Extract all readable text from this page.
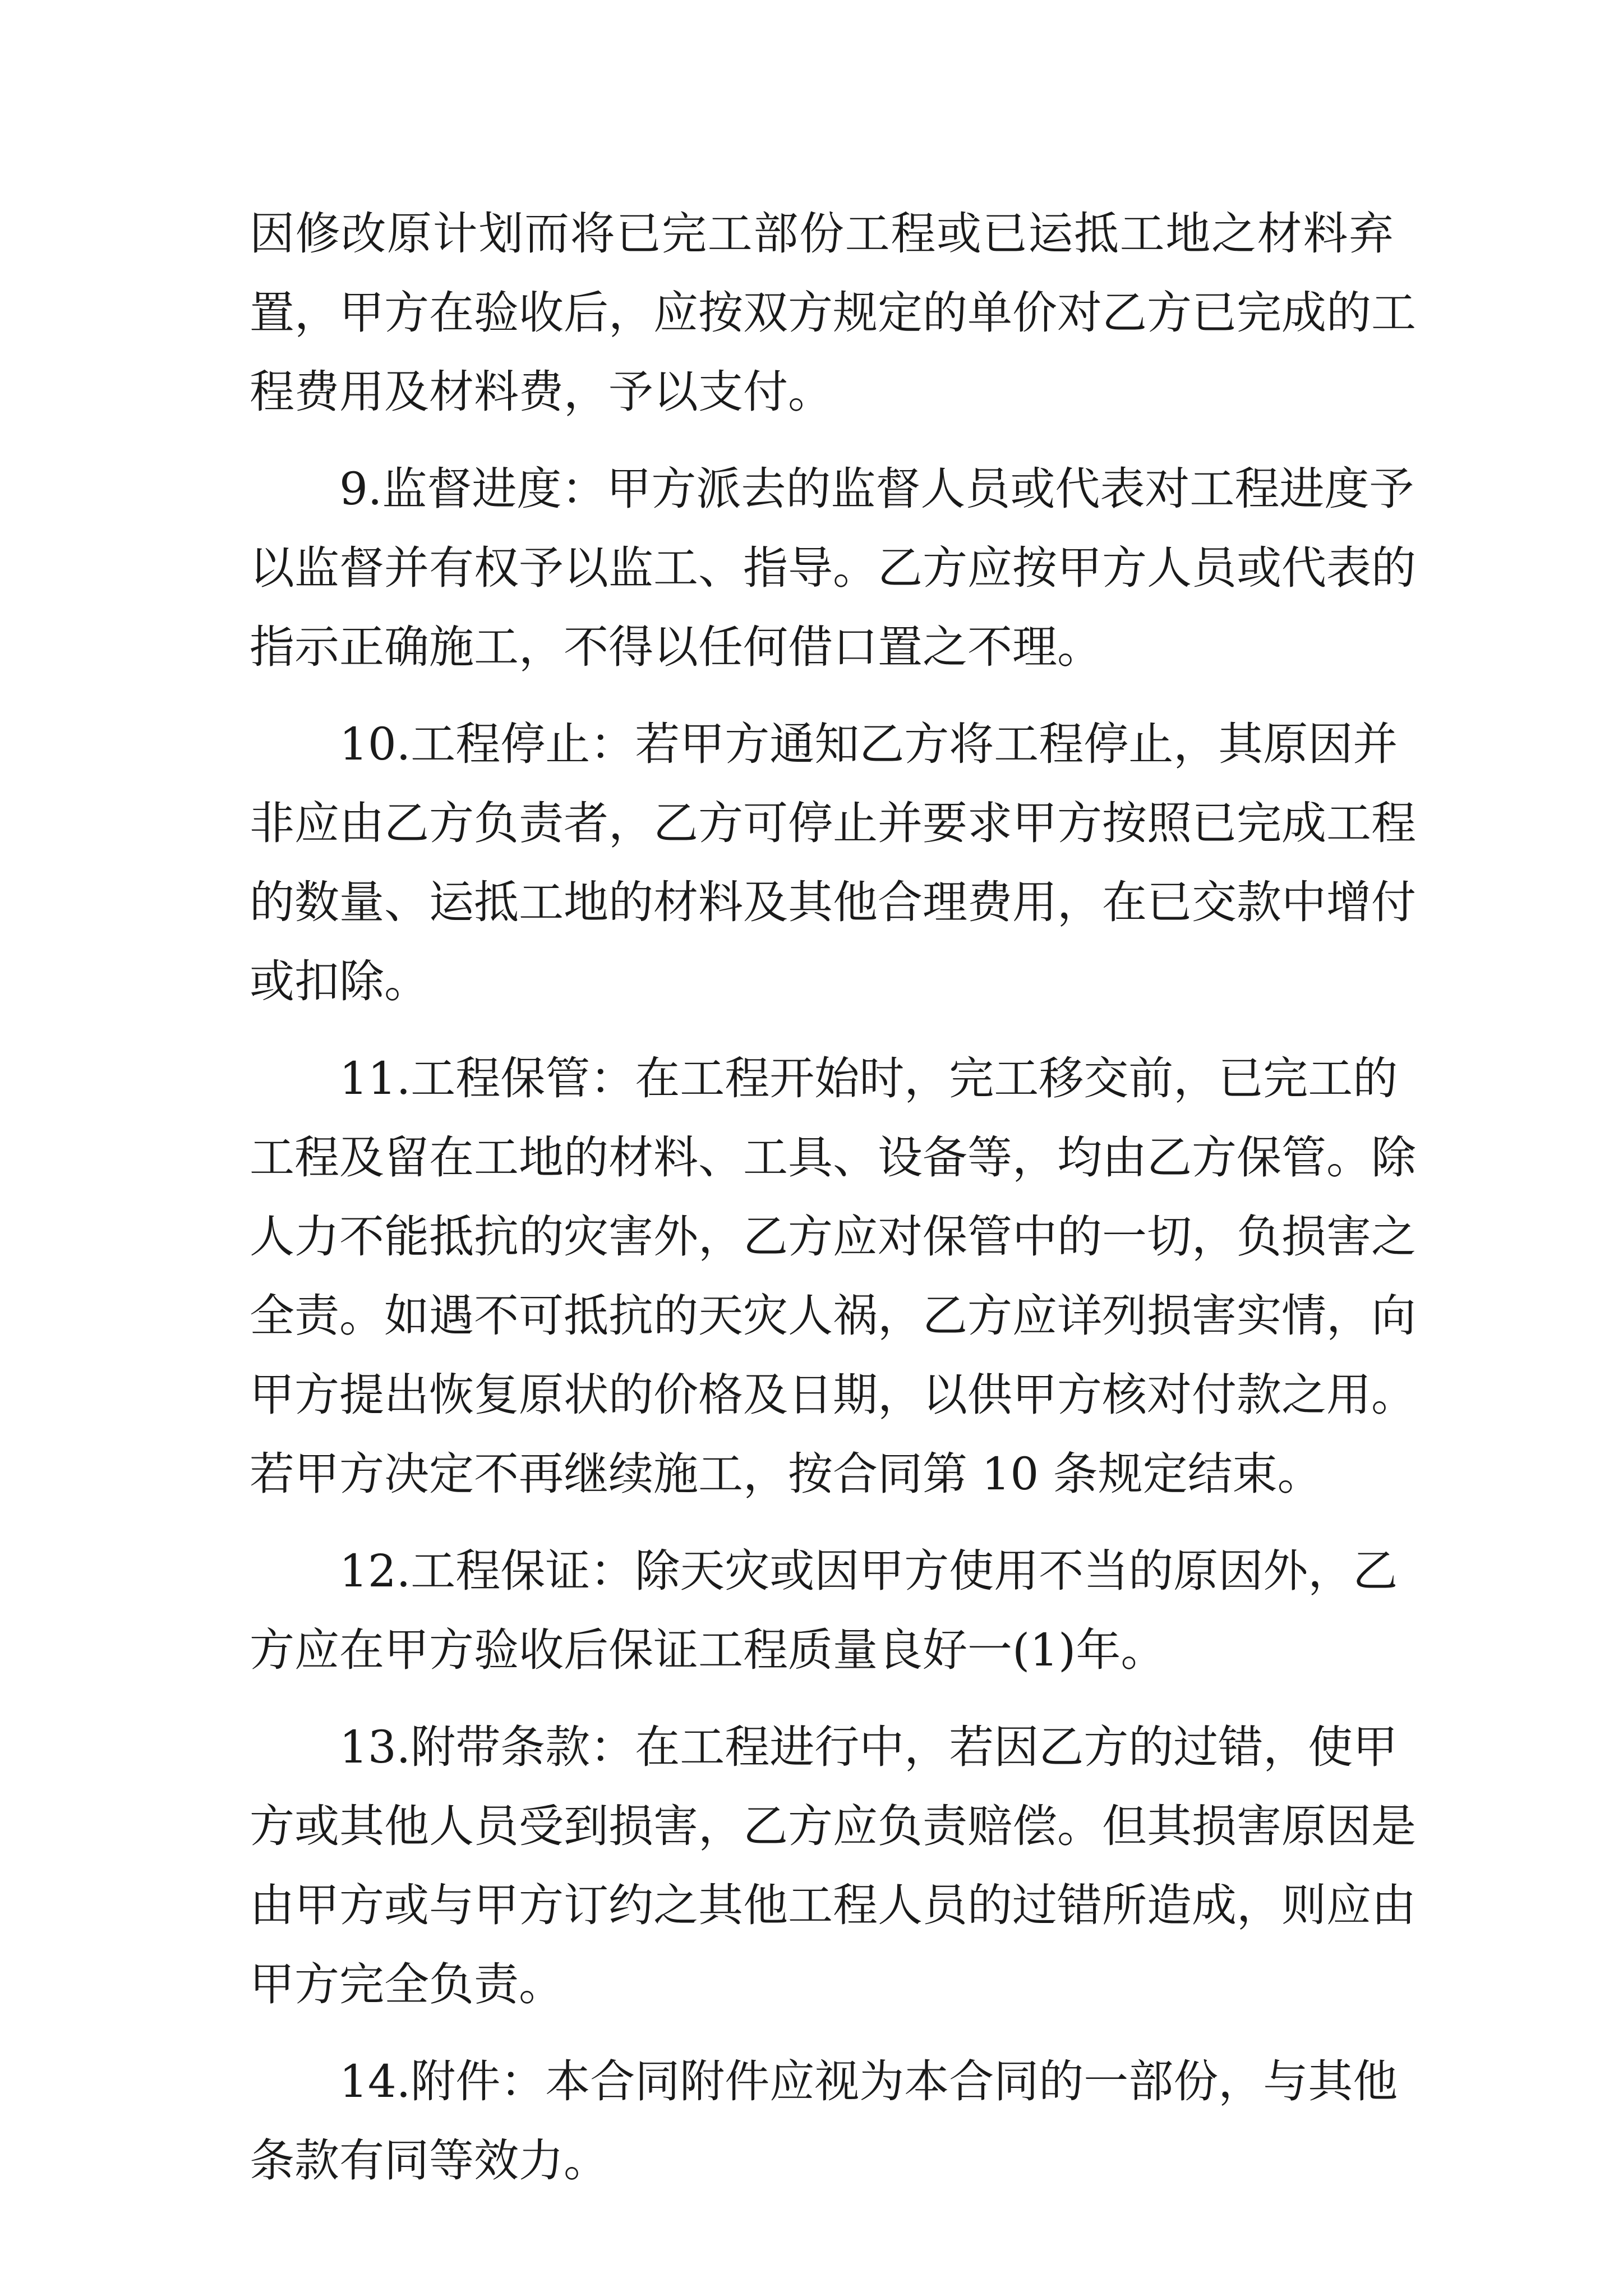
因修改原计划而将已完工部份工程或已运抵工地之材料弃
置，甲方在验收后，应按双方规定的单价对乙方已完成的工
程费用及材料费，予以支付。
9.监督进度：甲方派去的监督人员或代表对工程进度予
以监督并有权予以监工、指导。乙方应按甲方人员或代表的
指示正确施工，不得以任何借口置之不理。
10.工程停止：若甲方通知乙方将工程停止，其原因并
非应由乙方负责者，乙方可停止并要求甲方按照已完成工程
的数量、运抵工地的材料及其他合理费用，在已交款中增付
或扣除。
11.工程保管：在工程开始时，完工移交前，已完工的
工程及留在工地的材料、工具、设备等，均由乙方保管。除
人力不能抵抗的灾害外，乙方应对保管中的一切，负损害之
全责。如遇不可抵抗的天灾人祸，乙方应详列损害实情，向
甲方提出恢复原状的价格及日期，以供甲方核对付款之用。
若甲方决定不再继续施工，按合同第 10 条规定结束。
12.工程保证：除天灾或因甲方使用不当的原因外，乙
方应在甲方验收后保证工程质量良好一(1)年。
13.附带条款：在工程进行中，若因乙方的过错，使甲
方或其他人员受到损害，乙方应负责赔偿。但其损害原因是
由甲方或与甲方订约之其他工程人员的过错所造成，则应由
甲方完全负责。
14.附件：本合同附件应视为本合同的一部份，与其他
条款有同等效力。
